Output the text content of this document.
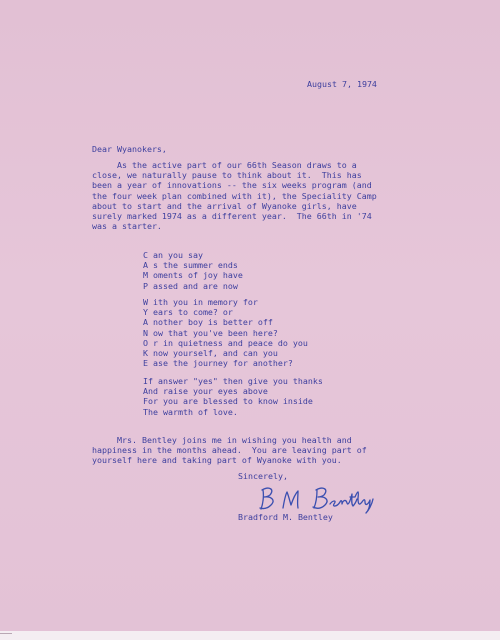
August 7, 1974
Dear Wyanokers,
As the active part of our 66th Season draws to a
close, we naturally pause to think about it.  This has
been a year of innovations -- the six weeks program (and
the four week plan combined with it), the Speciality Camp
about to start and the arrival of Wyanoke girls, have
surely marked 1974 as a different year.  The 66th in '74
was a starter.
C an you say
A s the summer ends
M oments of joy have
P assed and are now
W ith you in memory for
Y ears to come? or
A nother boy is better off
N ow that you've been here?
O r in quietness and peace do you
K now yourself, and can you
E ase the journey for another?
If answer "yes" then give you thanks
And raise your eyes above
For you are blessed to know inside
The warmth of love.
Mrs. Bentley joins me in wishing you health and
happiness in the months ahead.  You are leaving part of
yourself here and taking part of Wyanoke with you.
Sincerely,
Bradford M. Bentley
